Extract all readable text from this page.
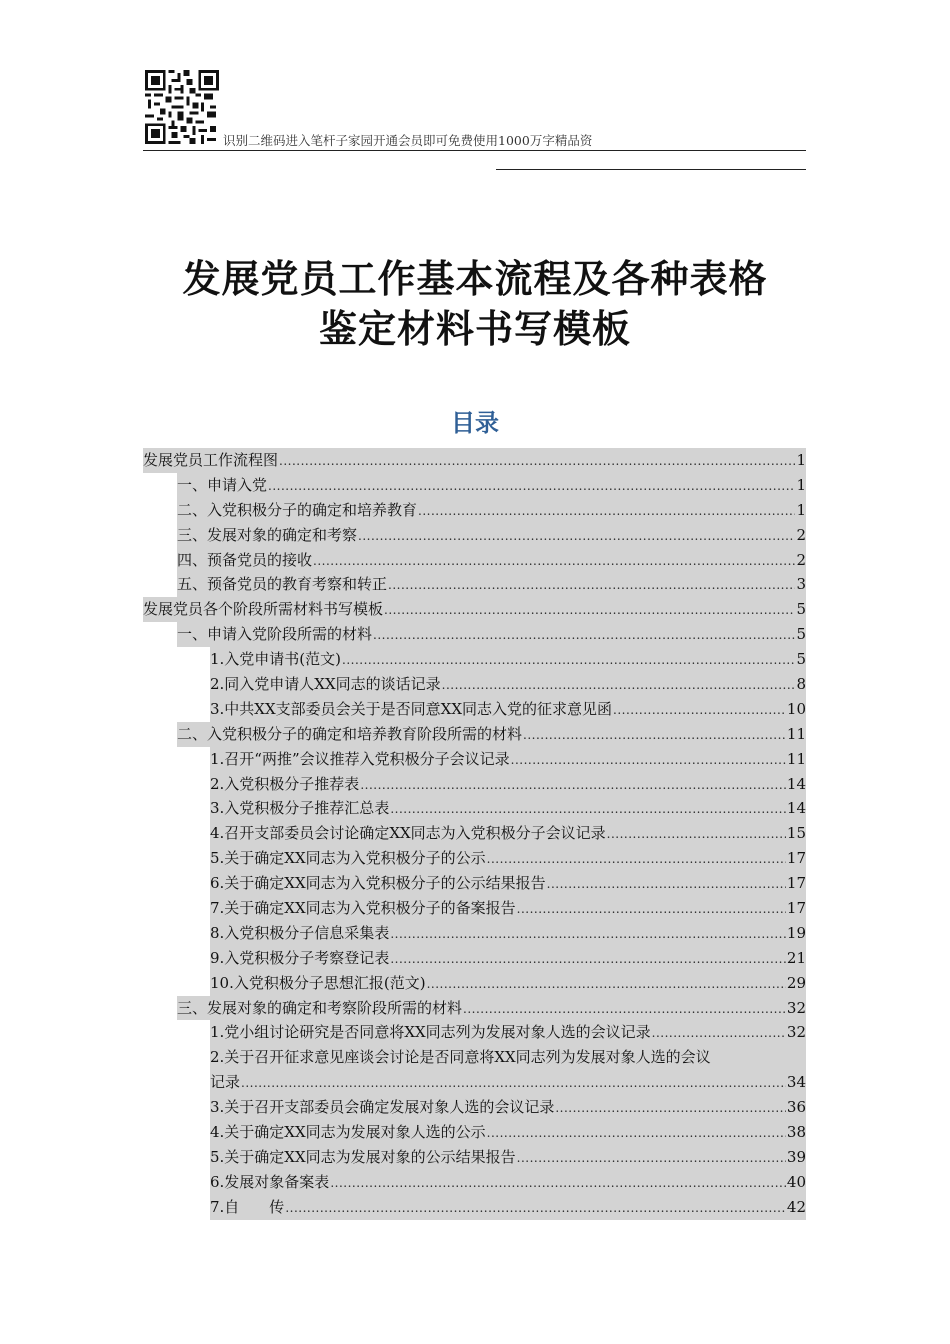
识别二维码进入笔杆子家园开通会员即可免费使用1000万字精品资
发展党员工作基本流程及各种表格
鉴定材料书写模板
目录
发展党员工作流程图 .....	1
一、申请入党 .....	1
二、入党积极分子的确定和培养教育 .....	1
三、发展对象的确定和考察 .....	2
四、预备党员的接收 .....	2
五、预备党员的教育考察和转正 .....	3
发展党员各个阶段所需材料书写模板 .....	5
一、申请入党阶段所需的材料 .....	5
1.入党申请书(范文) .....	5
2.同入党申请人XX同志的谈话记录 .....	8
3.中共XX支部委员会关于是否同意XX同志入党的征求意见函 .....	10
二、入党积极分子的确定和培养教育阶段所需的材料 .....	11
1.召开“两推”会议推荐入党积极分子会议记录 .....	11
2.入党积极分子推荐表 .....	14
3.入党积极分子推荐汇总表 .....	14
4.召开支部委员会讨论确定XX同志为入党积极分子会议记录 .....	15
5.关于确定XX同志为入党积极分子的公示 .....	17
6.关于确定XX同志为入党积极分子的公示结果报告 .....	17
7.关于确定XX同志为入党积极分子的备案报告 .....	17
8.入党积极分子信息采集表 .....	19
9.入党积极分子考察登记表 .....	21
10.入党积极分子思想汇报(范文) .....	29
三、发展对象的确定和考察阶段所需的材料 .....	32
1.党小组讨论研究是否同意将XX同志列为发展对象人选的会议记录 .....	32
2.关于召开征求意见座谈会讨论是否同意将XX同志列为发展对象人选的会议
记录 .....	34
3.关于召开支部委员会确定发展对象人选的会议记录 .....	36
4.关于确定XX同志为发展对象人选的公示 .....	38
5.关于确定XX同志为发展对象的公示结果报告 .....	39
6.发展对象备案表 .....	40
7.自　　传 .....	42
